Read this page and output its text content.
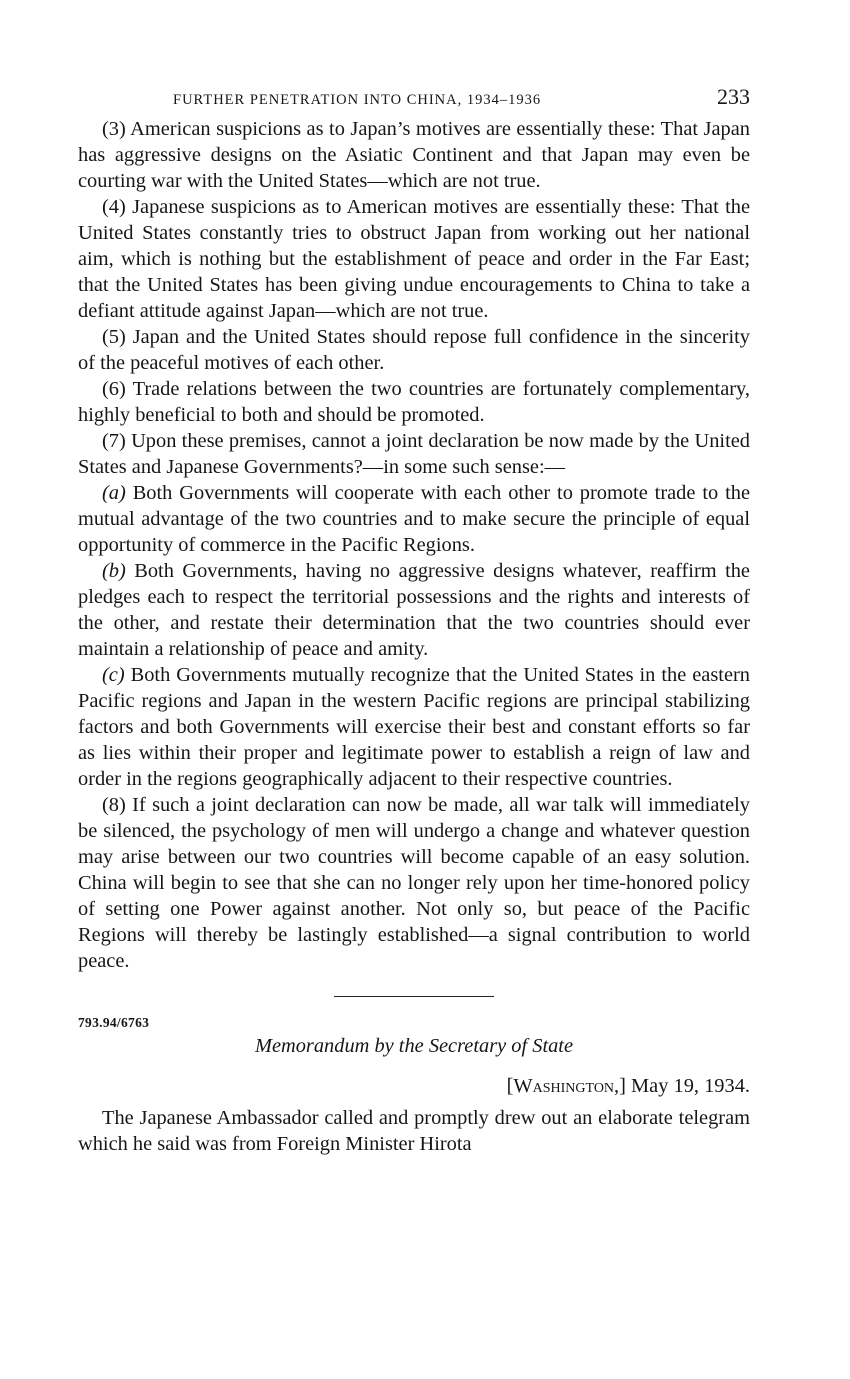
FURTHER PENETRATION INTO CHINA, 1934–1936	233

(3) American suspicions as to Japan’s motives are essentially these: That Japan has aggressive designs on the Asiatic Continent and that Japan may even be courting war with the United States—which are not true.

(4) Japanese suspicions as to American motives are essentially these: That the United States constantly tries to obstruct Japan from working out her national aim, which is nothing but the establishment of peace and order in the Far East; that the United States has been giving undue encouragements to China to take a defiant attitude against Japan—which are not true.

(5) Japan and the United States should repose full confidence in the sincerity of the peaceful motives of each other.

(6) Trade relations between the two countries are fortunately complementary, highly beneficial to both and should be promoted.

(7) Upon these premises, cannot a joint declaration be now made by the United States and Japanese Governments?—in some such sense:—

(a) Both Governments will cooperate with each other to promote trade to the mutual advantage of the two countries and to make secure the principle of equal opportunity of commerce in the Pacific Regions.

(b) Both Governments, having no aggressive designs whatever, reaffirm the pledges each to respect the territorial possessions and the rights and interests of the other, and restate their determination that the two countries should ever maintain a relationship of peace and amity.

(c) Both Governments mutually recognize that the United States in the eastern Pacific regions and Japan in the western Pacific regions are principal stabilizing factors and both Governments will exercise their best and constant efforts so far as lies within their proper and legitimate power to establish a reign of law and order in the regions geographically adjacent to their respective countries.

(8) If such a joint declaration can now be made, all war talk will immediately be silenced, the psychology of men will undergo a change and whatever question may arise between our two countries will become capable of an easy solution. China will begin to see that she can no longer rely upon her time-honored policy of setting one Power against another. Not only so, but peace of the Pacific Regions will thereby be lastingly established—a signal contribution to world peace.

793.94/6763
Memorandum by the Secretary of State
[Washington,] May 19, 1934.

The Japanese Ambassador called and promptly drew out an elaborate telegram which he said was from Foreign Minister Hirota
